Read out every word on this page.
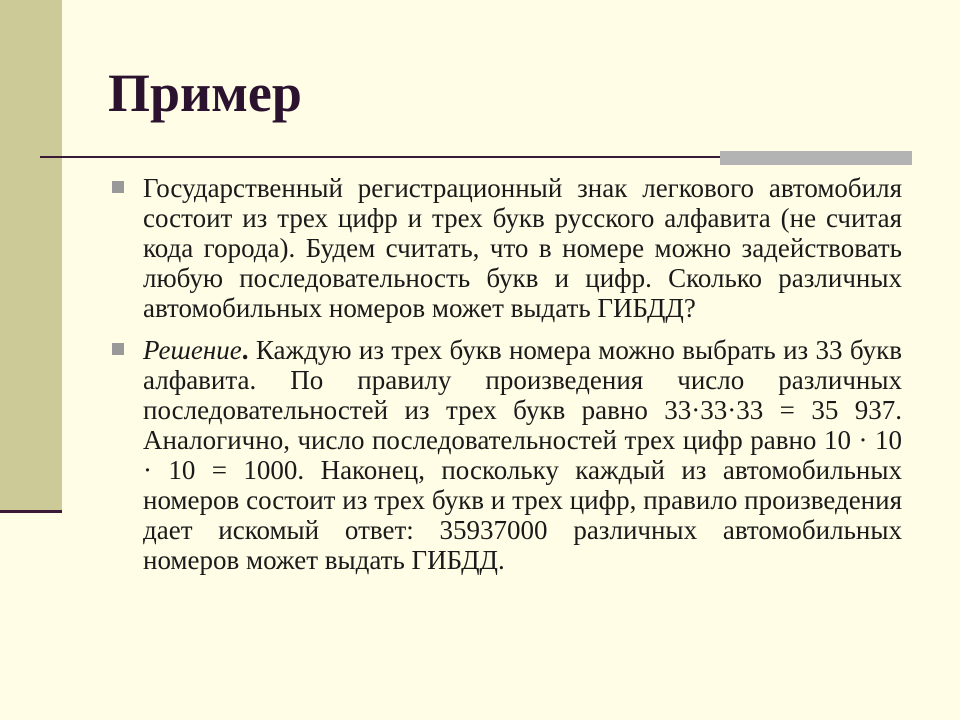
Пример
Государственный регистрационный знак легкового автомобиля состоит из трех цифр и трех букв русского алфавита (не считая кода города). Будем считать, что в номере можно задействовать любую последовательность букв и цифр. Сколько различных автомобильных номеров может выдать ГИБДД?
Решение. Каждую из трех букв номера можно выбрать из 33 букв алфавита. По правилу произведения число различных последовательностей из трех букв равно 33·33·33 = 35 937. Аналогично, число последовательностей трех цифр равно 10 · 10 · 10 = 1000. Наконец, поскольку каждый из автомобильных номеров состоит из трех букв и трех цифр, правило произведения дает искомый ответ: 35937000 различных автомобильных номеров может выдать ГИБДД.
